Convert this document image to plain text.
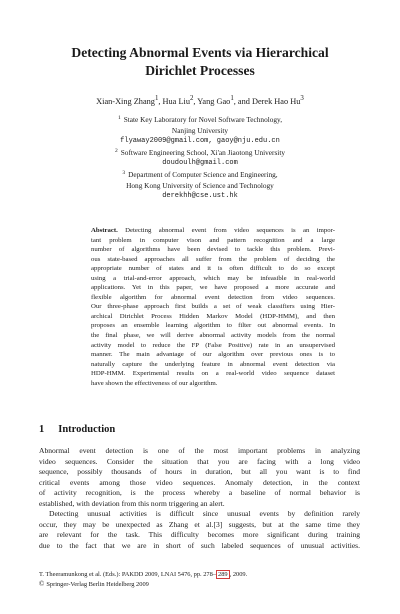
Detecting Abnormal Events via Hierarchical
Dirichlet Processes
Xian-Xing Zhang$^1$, Hua Liu$^2$, Yang Gao$^1$, and Derek Hao Hu$^3$
$^1$ State Key Laboratory for Novel Software Technology,
Nanjing University
flyaway2009@gmail.com, gaoy@nju.edu.cn
$^2$ Software Engineering School, Xi'an Jiaotong University
doudoulh@gmail.com
$^3$ Department of Computer Science and Engineering,
Hong Kong University of Science and Technology
derekhh@cse.ust.hk
Abstract. Detecting abnormal event from video sequences is an impor-
tant problem in computer vison and pattern recognition and a large
number of algorithms have been devised to tackle this problem. Previ-
ous state-based approaches all suffer from the problem of deciding the
appropriate number of states and it is often difficult to do so except
using a trial-and-error approach, which may be infeasible in real-world
applications. Yet in this paper, we have proposed a more accurate and
flexible algorithm for abnormal event detection from video sequences.
Our three-phase approach first builds a set of weak classifiers using Hier-
archical Dirichlet Process Hidden Markov Model (HDP-HMM), and then
proposes an ensemble learning algorithm to filter out abnormal events. In
the final phase, we will derive abnormal activity models from the normal
activity model to reduce the FP (False Positive) rate in an unsupervised
manner. The main advantage of our algorithm over previous ones is to
naturally capture the underlying feature in abnormal event detection via
HDP-HMM. Experimental results on a real-world video sequence dataset
have shown the effectiveness of our algorithm.
1 Introduction
Abnormal event detection is one of the most important problems in analyzing
video sequences. Consider the situation that you are facing with a long video
sequence, possibly thousands of hours in duration, but all you want is to find
critical events among those video sequences. Anomaly detection, in the context
of activity recognition, is the process whereby a baseline of normal behavior is
established, with deviation from this norm triggering an alert.
Detecting unusual activities is difficult since unusual events by definition rarely
occur, they may be unexpected as Zhang et al.[3] suggests, but at the same time they
are relevant for the task. This difficulty becomes more significant during training
due to the fact that we are in short of such labeled sequences of unusual activities.
T. Theeramunkong et al. (Eds.): PAKDD 2009, LNAI 5476, pp. 278– 289 , 2009.
© Springer-Verlag Berlin Heidelberg 2009
